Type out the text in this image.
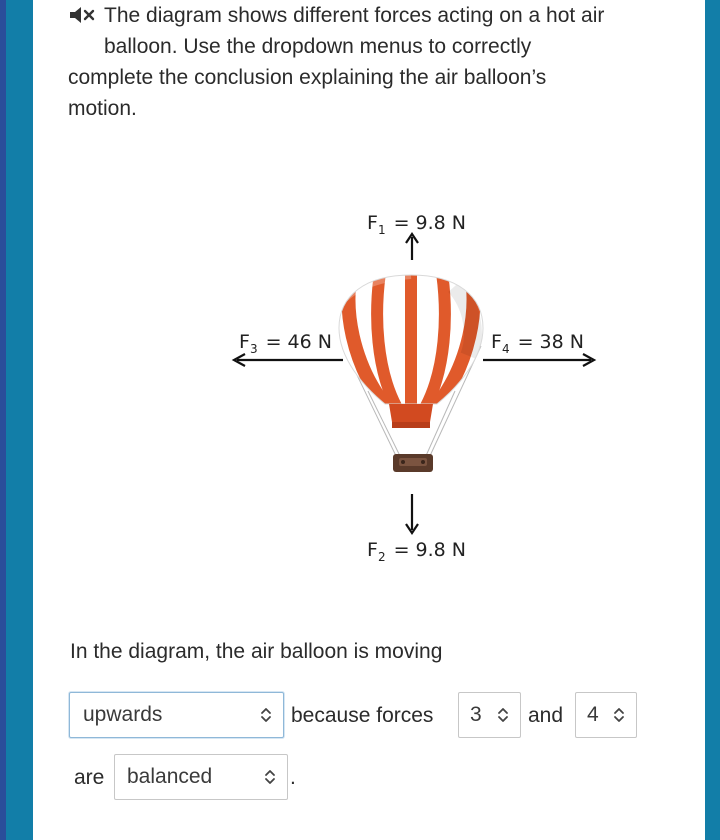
The diagram shows different forces acting on a hot air
balloon. Use the dropdown menus to correctly
complete the conclusion explaining the air balloon’s
motion.
$F_1 = 9.8$ N
$F_3 = 46$ N	$F_4 = 38$ N
$F_2 = 9.8$ N
In the diagram, the air balloon is moving
upwards	because forces 3 and 4
are balanced	.
